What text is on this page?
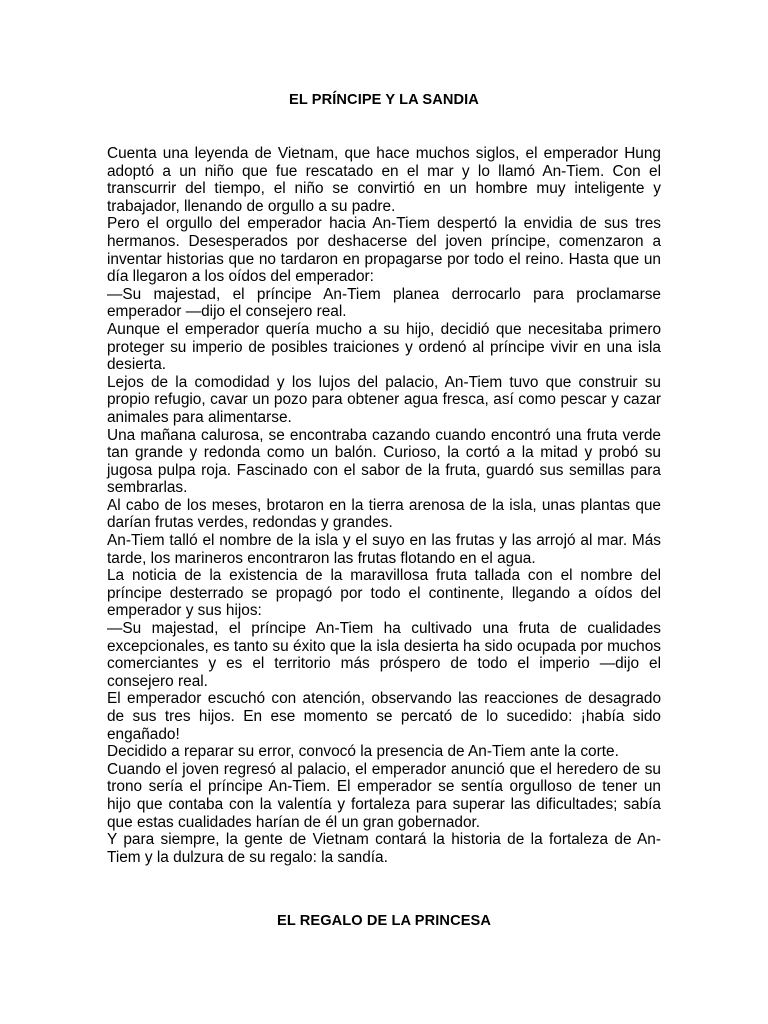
EL PRÍNCIPE Y LA SANDIA

Cuenta una leyenda de Vietnam, que hace muchos siglos, el emperador Hung adoptó a un niño que fue rescatado en el mar y lo llamó An-Tiem. Con el transcurrir del tiempo, el niño se convirtió en un hombre muy inteligente y trabajador, llenando de orgullo a su padre.

Pero el orgullo del emperador hacia An-Tiem despertó la envidia de sus tres hermanos. Desesperados por deshacerse del joven príncipe, comenzaron a inventar historias que no tardaron en propagarse por todo el reino. Hasta que un día llegaron a los oídos del emperador:

—Su majestad, el príncipe An-Tiem planea derrocarlo para proclamarse emperador —dijo el consejero real.

Aunque el emperador quería mucho a su hijo, decidió que necesitaba primero proteger su imperio de posibles traiciones y ordenó al príncipe vivir en una isla desierta.

Lejos de la comodidad y los lujos del palacio, An-Tiem tuvo que construir su propio refugio, cavar un pozo para obtener agua fresca, así como pescar y cazar animales para alimentarse.

Una mañana calurosa, se encontraba cazando cuando encontró una fruta verde tan grande y redonda como un balón. Curioso, la cortó a la mitad y probó su jugosa pulpa roja. Fascinado con el sabor de la fruta, guardó sus semillas para sembrarlas.

Al cabo de los meses, brotaron en la tierra arenosa de la isla, unas plantas que darían frutas verdes, redondas y grandes.

An-Tiem talló el nombre de la isla y el suyo en las frutas y las arrojó al mar. Más tarde, los marineros encontraron las frutas flotando en el agua.

La noticia de la existencia de la maravillosa fruta tallada con el nombre del príncipe desterrado se propagó por todo el continente, llegando a oídos del emperador y sus hijos:

—Su majestad, el príncipe An-Tiem ha cultivado una fruta de cualidades excepcionales, es tanto su éxito que la isla desierta ha sido ocupada por muchos comerciantes y es el territorio más próspero de todo el imperio —dijo el consejero real.

El emperador escuchó con atención, observando las reacciones de desagrado de sus tres hijos. En ese momento se percató de lo sucedido: ¡había sido engañado!

Decidido a reparar su error, convocó la presencia de An-Tiem ante la corte.

Cuando el joven regresó al palacio, el emperador anunció que el heredero de su trono sería el príncipe An-Tiem. El emperador se sentía orgulloso de tener un hijo que contaba con la valentía y fortaleza para superar las dificultades; sabía que estas cualidades harían de él un gran gobernador.

Y para siempre, la gente de Vietnam contará la historia de la fortaleza de An-Tiem y la dulzura de su regalo: la sandía.

EL REGALO DE LA PRINCESA
